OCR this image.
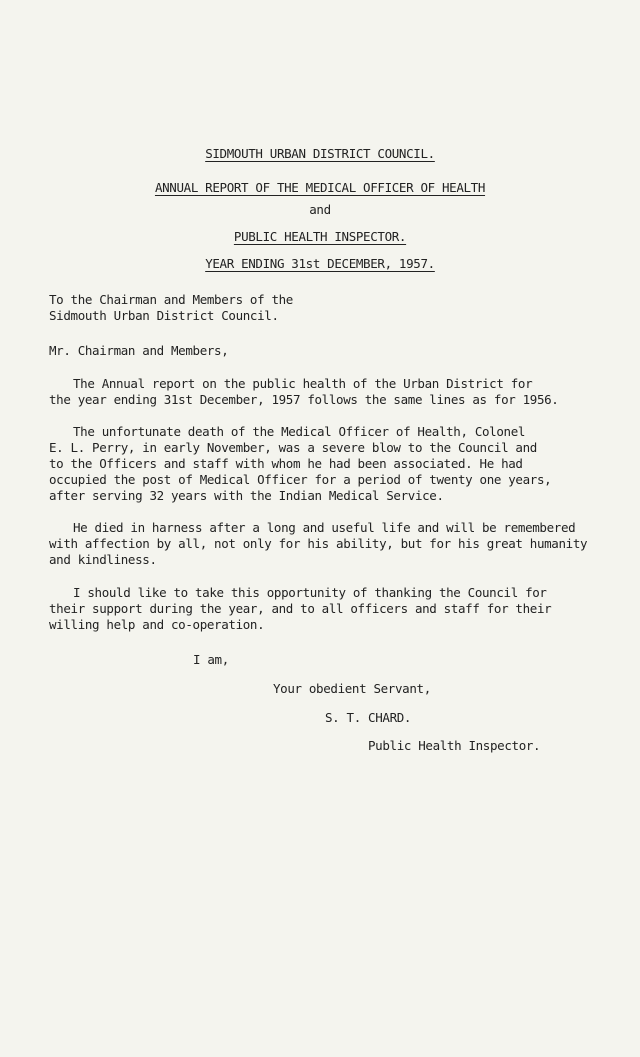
SIDMOUTH URBAN DISTRICT COUNCIL.
ANNUAL REPORT OF THE MEDICAL OFFICER OF HEALTH
and
PUBLIC HEALTH INSPECTOR.
YEAR ENDING 31st DECEMBER, 1957.
To the Chairman and Members of the
Sidmouth Urban District Council.
Mr. Chairman and Members,
The Annual report on the public health of the Urban District for
the year ending 31st December, 1957 follows the same lines as for 1956.
The unfortunate death of the Medical Officer of Health, Colonel
E. L. Perry, in early November, was a severe blow to the Council and
to the Officers and staff with whom he had been associated. He had
occupied the post of Medical Officer for a period of twenty one years,
after serving 32 years with the Indian Medical Service.
He died in harness after a long and useful life and will be remembered
with affection by all, not only for his ability, but for his great humanity
and kindliness.
I should like to take this opportunity of thanking the Council for
their support during the year, and to all officers and staff for their
willing help and co-operation.
I am,
Your obedient Servant,
S. T. CHARD.
Public Health Inspector.
